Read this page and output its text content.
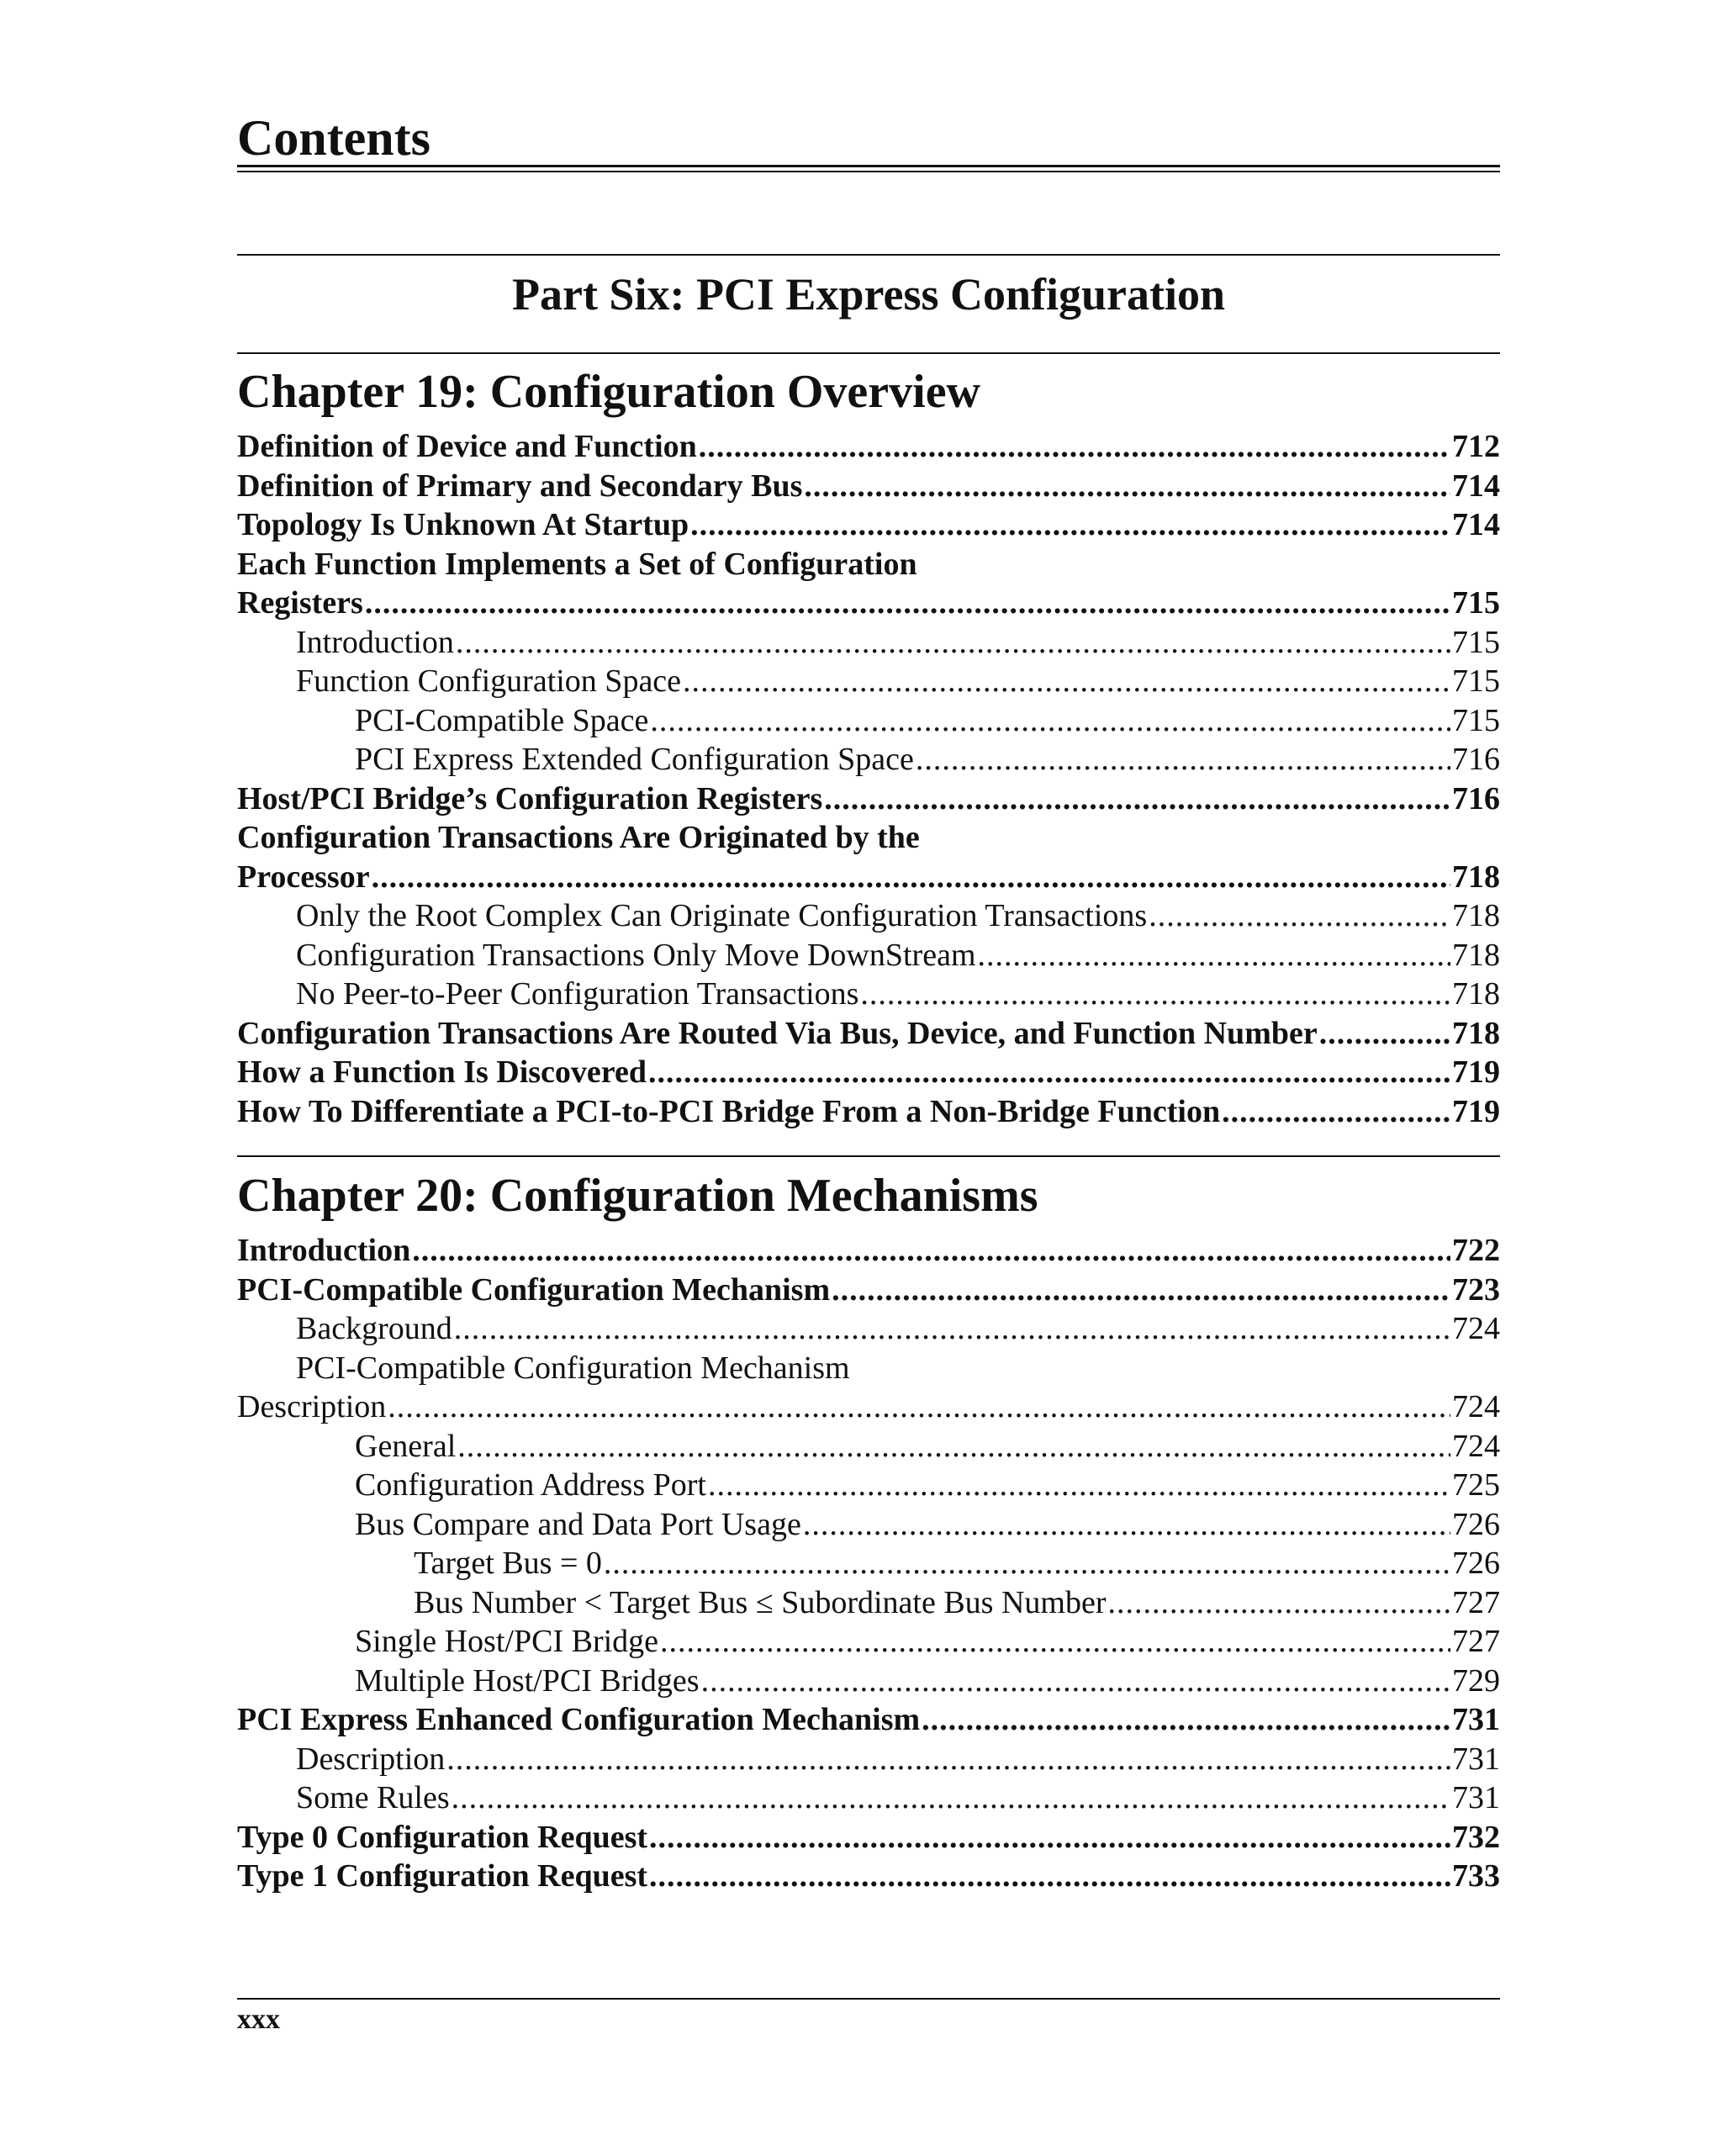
Contents
Part Six: PCI Express Configuration
Chapter 19: Configuration Overview
Definition of Device and Function .....	712
Definition of Primary and Secondary Bus .....	714
Topology Is Unknown At Startup .....	714
Each Function Implements a Set of Configuration
Registers .....	715
Introduction .....	715
Function Configuration Space .....	715
PCI-Compatible Space .....	715
PCI Express Extended Configuration Space .....	716
Host/PCI Bridge’s Configuration Registers .....	716
Configuration Transactions Are Originated by the
Processor .....	718
Only the Root Complex Can Originate Configuration Transactions .....	718
Configuration Transactions Only Move DownStream .....	718
No Peer-to-Peer Configuration Transactions .....	718
Configuration Transactions Are Routed Via Bus, Device, and Function Number .....	718
How a Function Is Discovered .....	719
How To Differentiate a PCI-to-PCI Bridge From a Non-Bridge Function .....	719
Chapter 20: Configuration Mechanisms
Introduction .....	722
PCI-Compatible Configuration Mechanism .....	723
Background .....	724
PCI-Compatible Configuration Mechanism
Description .....	724
General .....	724
Configuration Address Port .....	725
Bus Compare and Data Port Usage .....	726
Target Bus = 0 .....	726
Bus Number < Target Bus ≤ Subordinate Bus Number .....	727
Single Host/PCI Bridge .....	727
Multiple Host/PCI Bridges .....	729
PCI Express Enhanced Configuration Mechanism .....	731
Description .....	731
Some Rules .....	731
Type 0 Configuration Request .....	732
Type 1 Configuration Request .....	733
xxx
